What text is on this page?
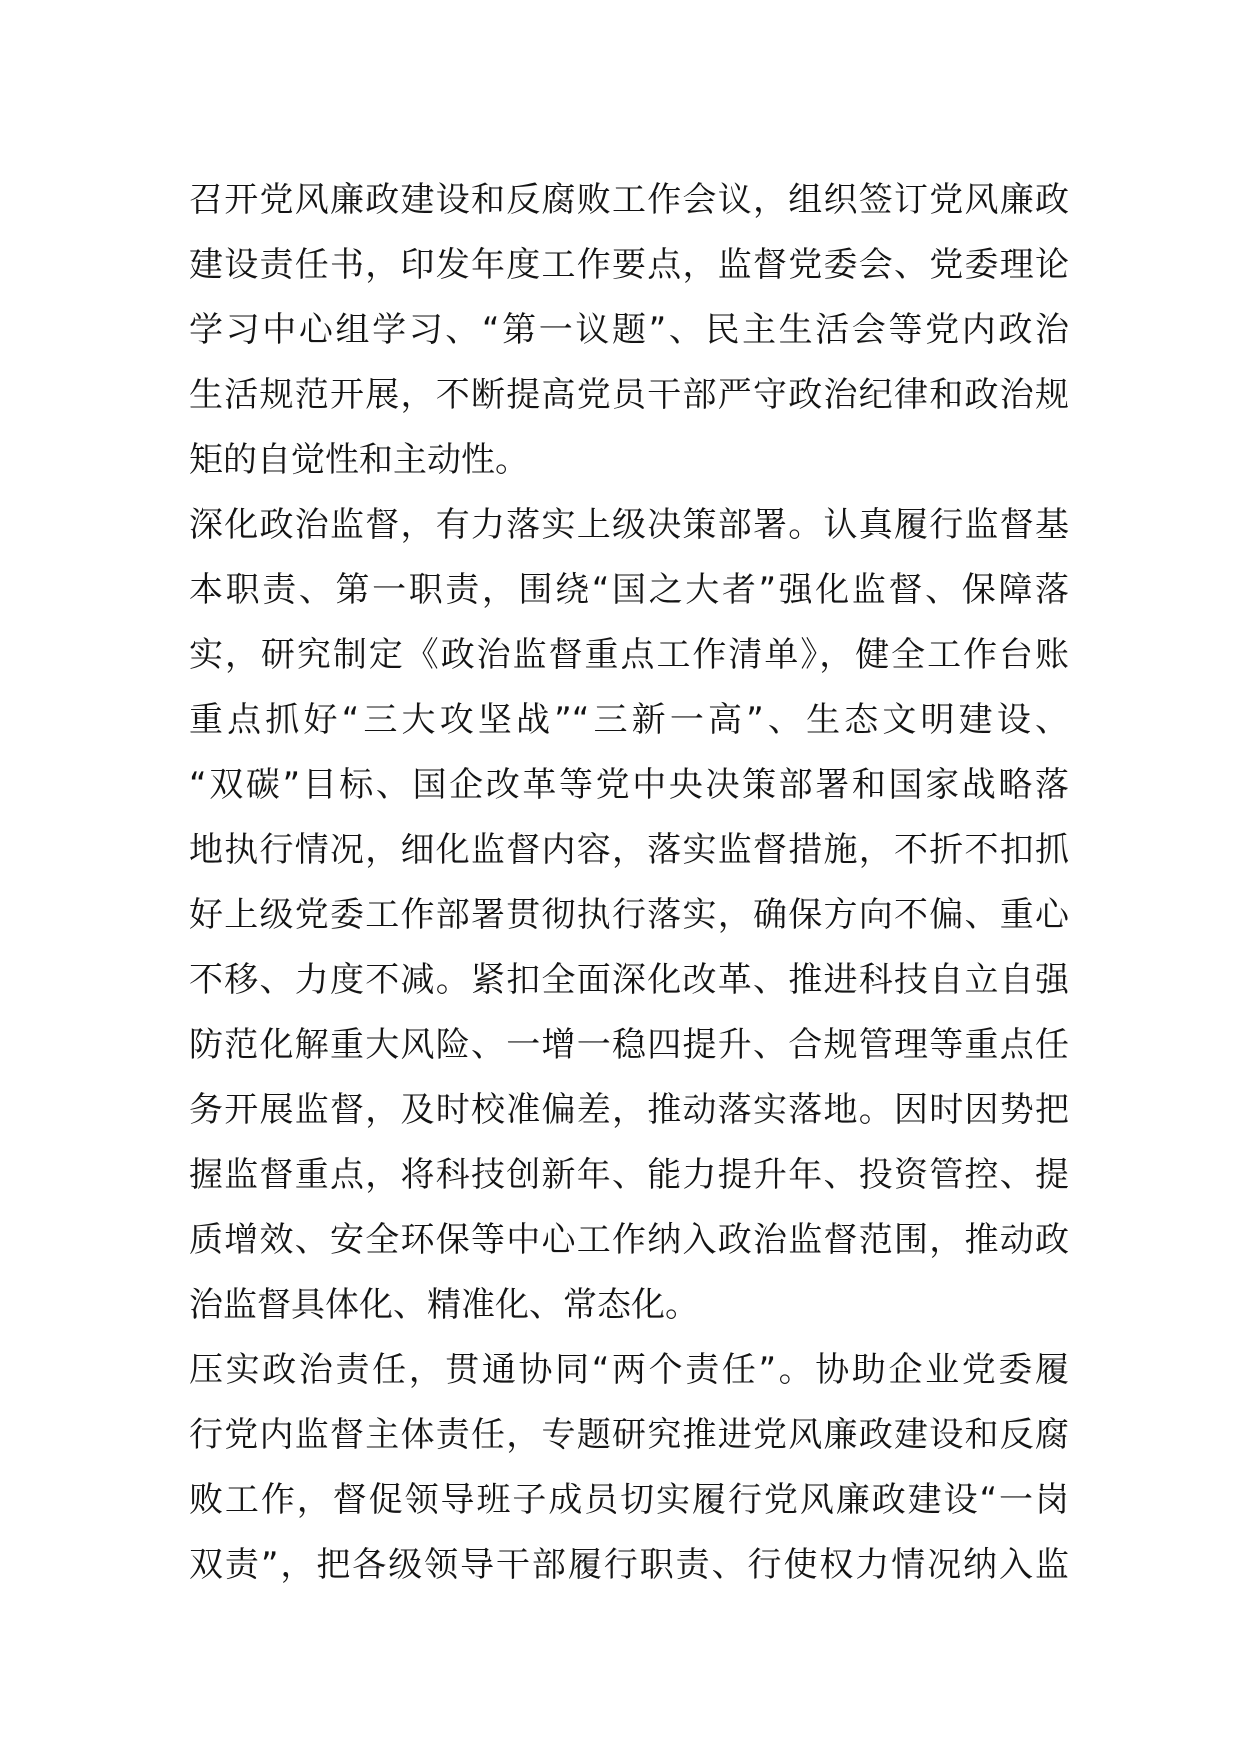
召开党风廉政建设和反腐败工作会议，组织签订党风廉政
建设责任书，印发年度工作要点，监督党委会、党委理论
学习中心组学习、“第一议题”、民主生活会等党内政治
生活规范开展，不断提高党员干部严守政治纪律和政治规
矩的自觉性和主动性。
深化政治监督，有力落实上级决策部署。认真履行监督基
本职责、第一职责，围绕“国之大者”强化监督、保障落
实，研究制定《政治监督重点工作清单》，健全工作台账
重点抓好“三大攻坚战”“三新一高”、生态文明建设、
“双碳”目标、国企改革等党中央决策部署和国家战略落
地执行情况，细化监督内容，落实监督措施，不折不扣抓
好上级党委工作部署贯彻执行落实，确保方向不偏、重心
不移、力度不减。紧扣全面深化改革、推进科技自立自强
防范化解重大风险、一增一稳四提升、合规管理等重点任
务开展监督，及时校准偏差，推动落实落地。因时因势把
握监督重点，将科技创新年、能力提升年、投资管控、提
质增效、安全环保等中心工作纳入政治监督范围，推动政
治监督具体化、精准化、常态化。
压实政治责任，贯通协同“两个责任”。协助企业党委履
行党内监督主体责任，专题研究推进党风廉政建设和反腐
败工作，督促领导班子成员切实履行党风廉政建设“一岗
双责”，把各级领导干部履行职责、行使权力情况纳入监
